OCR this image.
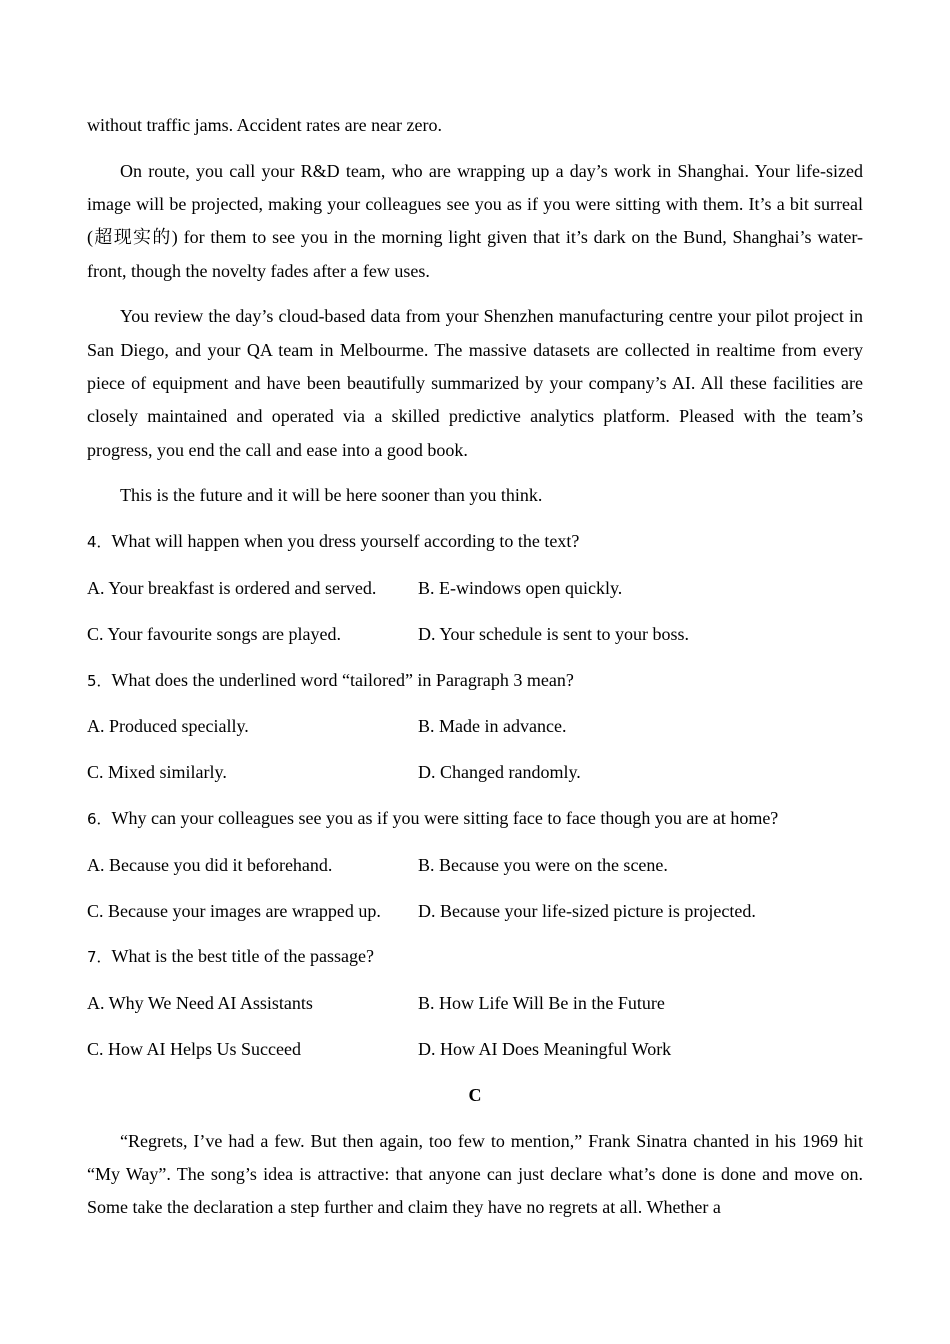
without traffic jams. Accident rates are near zero.

On route, you call your R&D team, who are wrapping up a day’s work in Shanghai. Your life-sized image will be projected, making your colleagues see you as if you were sitting with them. It’s a bit surreal (超现实的) for them to see you in the morning light given that it’s dark on the Bund, Shanghai’s water-front, though the novelty fades after a few uses.

You review the day’s cloud-based data from your Shenzhen manufacturing centre your pilot project in San Diego, and your QA team in Melbourme. The massive datasets are collected in realtime from every piece of equipment and have been beautifully summarized by your company’s AI. All these facilities are closely maintained and operated via a skilled predictive analytics platform. Pleased with the team’s progress, you end the call and ease into a good book.

This is the future and it will be here sooner than you think.

4．What will happen when you dress yourself according to the text?

A. Your breakfast is ordered and served.	B. E-windows open quickly.
C. Your favourite songs are played.	D. Your schedule is sent to your boss.

5．What does the underlined word “tailored” in Paragraph 3 mean?

A. Produced specially.	B. Made in advance.
C. Mixed similarly.	D. Changed randomly.

6．Why can your colleagues see you as if you were sitting face to face though you are at home?

A. Because you did it beforehand.	B. Because you were on the scene.
C. Because your images are wrapped up.	D. Because your life-sized picture is projected.

7．What is the best title of the passage?

A. Why We Need AI Assistants	B. How Life Will Be in the Future
C. How AI Helps Us Succeed	D. How AI Does Meaningful Work

C

“Regrets, I’ve had a few. But then again, too few to mention,” Frank Sinatra chanted in his 1969 hit “My Way”. The song’s idea is attractive: that anyone can just declare what’s done is done and move on. Some take the declaration a step further and claim they have no regrets at all. Whether a
